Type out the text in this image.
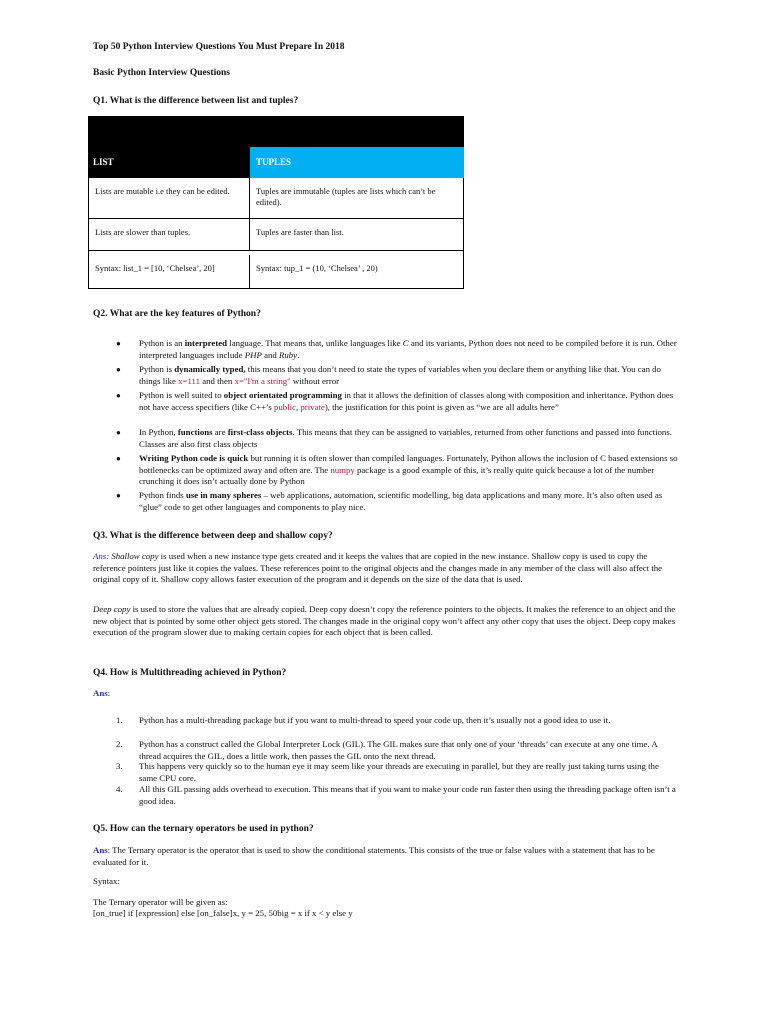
Top 50 Python Interview Questions You Must Prepare In 2018
Basic Python Interview Questions
Q1. What is the difference between list and tuples?
LIST	TUPLES
Lists are mutable i.e they can be edited.	Tuples are immutable (tuples are lists which can’t be edited).
Lists are slower than tuples.	Tuples are faster than list.
Syntax: list_1 = [10, ‘Chelsea’, 20]	Syntax: tup_1 = (10, ‘Chelsea’ , 20)
Q2. What are the key features of Python?
● Python is an interpreted language. That means that, unlike languages like C and its variants, Python does not need to be compiled before it is run. Other interpreted languages include PHP and Ruby.
● Python is dynamically typed, this means that you don’t need to state the types of variables when you declare them or anything like that. You can do things like x=111 and then x="I'm a string" without error
● Python is well suited to object orientated programming in that it allows the definition of classes along with composition and inheritance. Python does not have access specifiers (like C++’s public, private), the justification for this point is given as “we are all adults here”
● In Python, functions are first-class objects. This means that they can be assigned to variables, returned from other functions and passed into functions. Classes are also first class objects
● Writing Python code is quick but running it is often slower than compiled languages. Fortunately, Python allows the inclusion of C based extensions so bottlenecks can be optimized away and often are. The numpy package is a good example of this, it’s really quite quick because a lot of the number crunching it does isn’t actually done by Python
● Python finds use in many spheres – web applications, automation, scientific modelling, big data applications and many more. It’s also often used as “glue” code to get other languages and components to play nice.
Q3. What is the difference between deep and shallow copy?
Ans: Shallow copy is used when a new instance type gets created and it keeps the values that are copied in the new instance. Shallow copy is used to copy the reference pointers just like it copies the values. These references point to the original objects and the changes made in any member of the class will also affect the original copy of it. Shallow copy allows faster execution of the program and it depends on the size of the data that is used.
Deep copy is used to store the values that are already copied. Deep copy doesn’t copy the reference pointers to the objects. It makes the reference to an object and the new object that is pointed by some other object gets stored. The changes made in the original copy won’t affect any other copy that uses the object. Deep copy makes execution of the program slower due to making certain copies for each object that is been called.
Q4. How is Multithreading achieved in Python?
Ans:
1. Python has a multi-threading package but if you want to multi-thread to speed your code up, then it’s usually not a good idea to use it.
2. Python has a construct called the Global Interpreter Lock (GIL). The GIL makes sure that only one of your ‘threads’ can execute at any one time. A thread acquires the GIL, does a little work, then passes the GIL onto the next thread.
3. This happens very quickly so to the human eye it may seem like your threads are executing in parallel, but they are really just taking turns using the same CPU core.
4. All this GIL passing adds overhead to execution. This means that if you want to make your code run faster then using the threading package often isn’t a good idea.
Q5. How can the ternary operators be used in python?
Ans: The Ternary operator is the operator that is used to show the conditional statements. This consists of the true or false values with a statement that has to be evaluated for it.
Syntax:
The Ternary operator will be given as:
[on_true] if [expression] else [on_false]x, y = 25, 50big = x if x < y else y
